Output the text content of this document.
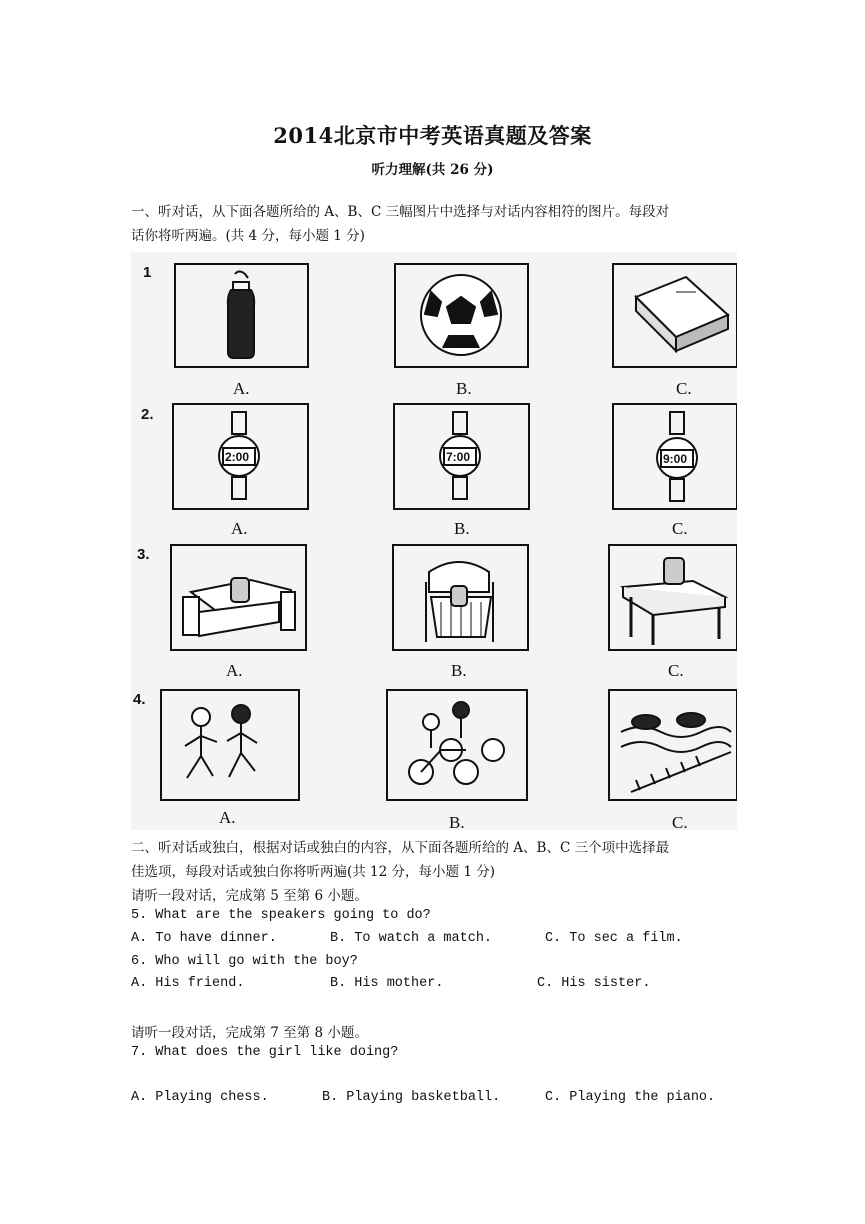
2014北京市中考英语真题及答案
听力理解(共 26 分)
一、听对话，从下面各题所给的 A、B、C 三幅图片中选择与对话内容相符的图片。每段对
话你将听两遍。(共 4 分，每小题 1 分)
1
A.	B.	C.
2.
2:00	7:00	9:00
A.	B.	C.
3.
A.	B.	C.
4.
A.	B.	C.
二、听对话或独白，根据对话或独白的内容，从下面各题所给的 A、B、C 三个项中选择最
佳选项，每段对话或独白你将听两遍(共 12 分，每小题 1 分)
请听一段对话，完成第 5 至第 6 小题。
5. What are the speakers going to do?
A. To have dinner.	B. To watch a match.	C. To sec a film.
6. Who will go with the boy?
A. His friend.	B. His mother.	C. His sister.
请听一段对话，完成第 7 至第 8 小题。
7. What does the girl like doing?
A. Playing chess.	B. Playing basketball.	C. Playing the piano.
